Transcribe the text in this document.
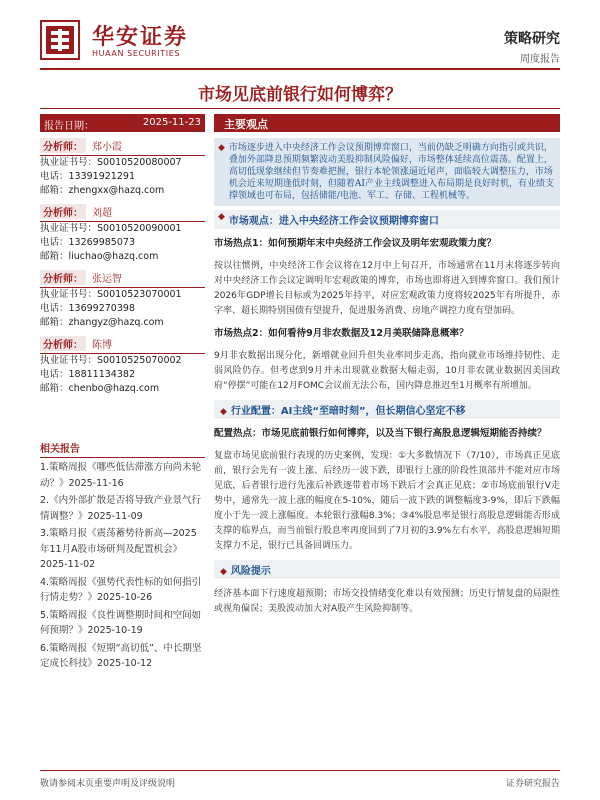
华安证券
HUAAN SECURITIES
策略研究
周度报告
市场见底前银行如何博弈？
报告日期：	2025-11-23
分析师： 郑小霞
执业证书号：S0010520080007
电话：13391921291
邮箱：zhengxx@hazq.com
分析师： 刘超
执业证书号：S0010520090001
电话：13269985073
邮箱：liuchao@hazq.com
分析师： 张运智
执业证书号：S0010523070001
电话：13699270398
邮箱：zhangyz@hazq.com
分析师： 陈博
执业证书号：S0010525070002
电话：18811134382
邮箱：chenbo@hazq.com
相关报告
1.策略周报《哪些低估滞涨方向尚未轮动？》2025-11-16
2.《内外部扩散是否将导致产业景气行情调整？》2025-11-09
3.策略月报《震荡蓄势待新高—2025年11月A股市场研判及配置机会》2025-11-02
4.策略周报《强势代表性标的如何指引行情走势？》2025-10-26
5.策略周报《良性调整期时间和空间如何预期？》2025-10-19
6.策略周报《短期“高切低”、中长期坚定成长科技》2025-10-12
主要观点
◆ 市场逐步进入中央经济工作会议预期博弈窗口，当前仍缺乏明确方向指引或共识，叠加外部降息预期频繁波动美股抑制风险偏好，市场整体延续高位震荡。配置上，高切低现象继续但节奏难把握，银行本轮领涨逼近尾声，面临较大调整压力，市场机会近来短期逢低时刻，但随着AI产业主线调整进入布局期是良好时机，有业绩支撑领域也可布局，包括储能/电池、军工、存储、工程机械等。
◆ 市场观点：进入中央经济工作会议预期博弈窗口
市场热点1：如何预期年末中央经济工作会议及明年宏观政策力度？
按以往惯例，中央经济工作会议将在12月中上旬召开，市场通常在11月末将逐步转向对中央经济工作会议定调明年宏观政策的博弈，市场也即将进入到博弈窗口。我们预计2026年GDP增长目标或为2025年持平，对应宏观政策力度将较2025年有所提升，赤字率、超长期特别国债有望提升，促进服务消费、房地产调控力度有望加码。
市场热点2：如何看待9月非农数据及12月美联储降息概率？
9月非农数据出现分化，新增就业回升但失业率同步走高，指向就业市场维持韧性、走弱风险仍存。但考虑到9月并未出现就业数据大幅走弱，10月非农就业数据因美国政府“停摆”可能在12月FOMC会议前无法公布，国内降息推迟至1月概率有所增加。
◆ 行业配置：AI主线“至暗时刻”，但长期信心坚定不移
配置热点：市场见底前银行如何博弈，以及当下银行高股息逻辑短期能否持续？
复盘市场见底前银行表现的历史案例，发现：①大多数情况下（7/10），市场真正见底前，银行会先有一波上涨、后经历一波下跌，即银行上涨的阶段性顶部并不能对应市场见底，后者银行进行先涨后补跌逐带着市场下跌后才会真正见底；②市场底前银行V走势中，通常先一波上涨的幅度在5-10%，随后一波下跌的调整幅度3-9%，即后下跌幅度小于先一波上涨幅度。本轮银行涨幅8.3%；③4%股息率是银行高股息逻辑能否形成支撑的临界点，而当前银行股息率再度回到了7月初的3.9%左右水平，高股息逻辑短期支撑力不足，银行已具备回调压力。
◆ 风险提示
经济基本面下行速度超预期；市场交投情绪变化难以有效预测；历史行情复盘的局限性或视角偏误；美股波动加大对A股产生风险抑制等。
敬请参阅末页重要声明及评级说明	证券研究报告
